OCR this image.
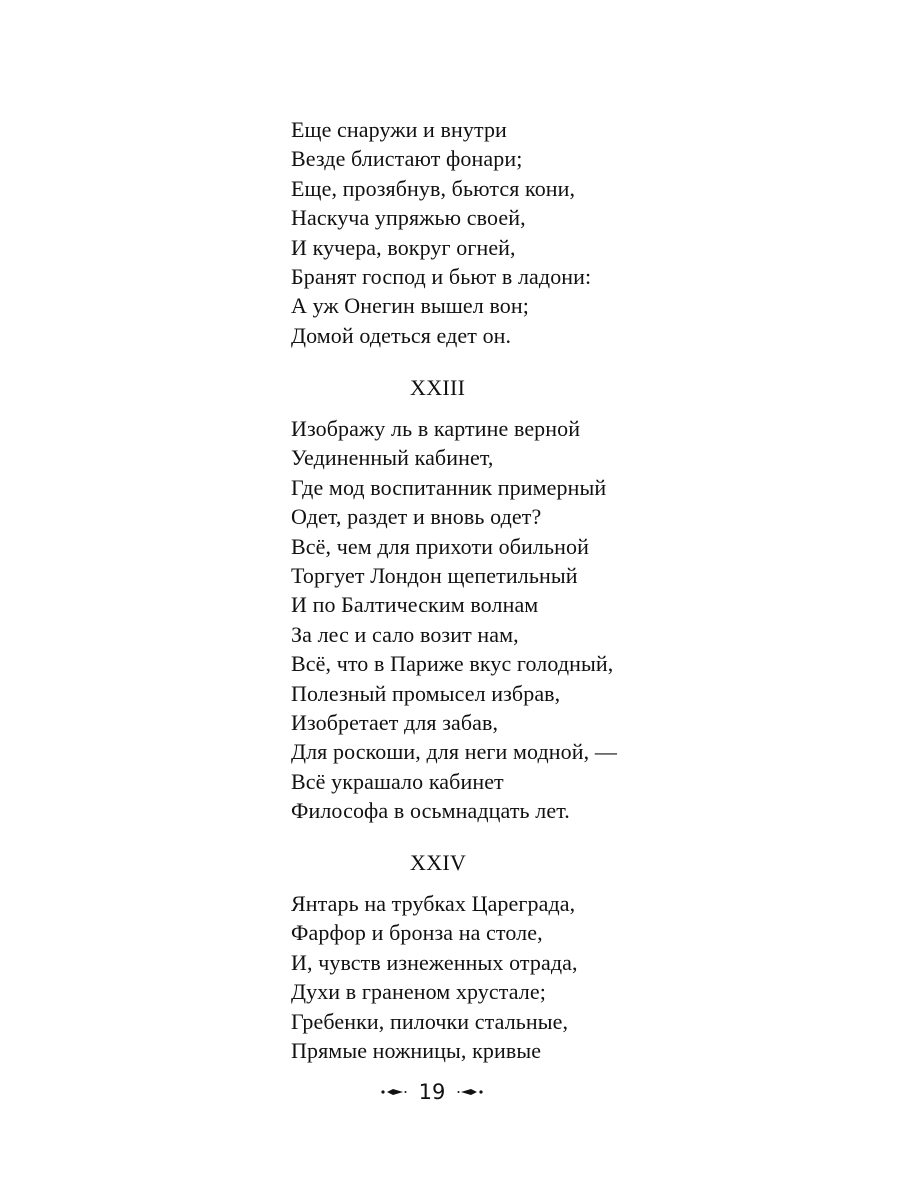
Еще снаружи и внутри
Везде блистают фонари;
Еще, прозябнув, бьются кони,
Наскуча упряжью своей,
И кучера, вокруг огней,
Бранят господ и бьют в ладони:
А уж Онегин вышел вон;
Домой одеться едет он.
XXIII
Изображу ль в картине верной
Уединенный кабинет,
Где мод воспитанник примерный
Одет, раздет и вновь одет?
Всё, чем для прихоти обильной
Торгует Лондон щепетильный
И по Балтическим волнам
За лес и сало возит нам,
Всё, что в Париже вкус голодный,
Полезный промысел избрав,
Изобретает для забав,
Для роскоши, для неги модной, —
Всё украшало кабинет
Философа в осьмнадцать лет.
XXIV
Янтарь на трубках Цареграда,
Фарфор и бронза на столе,
И, чувств изнеженных отрада,
Духи в граненом хрустале;
Гребенки, пилочки стальные,
Прямые ножницы, кривые
19
